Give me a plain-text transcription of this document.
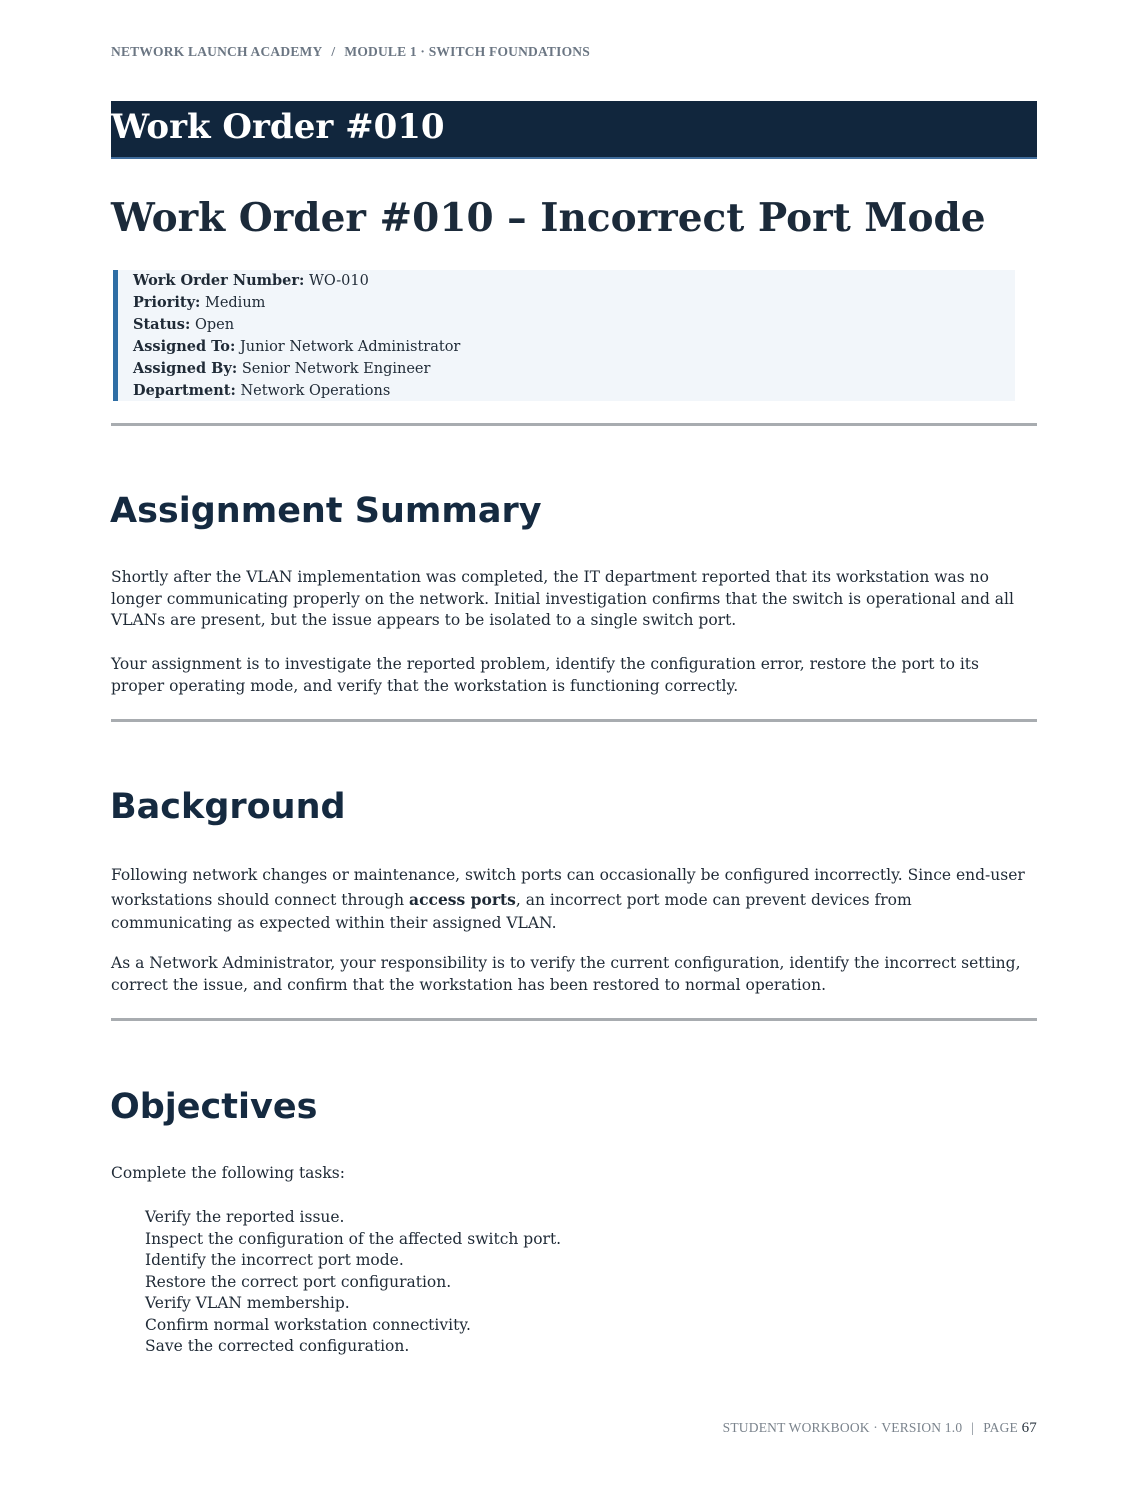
NETWORK LAUNCH ACADEMY / MODULE 1 · SWITCH FOUNDATIONS
Work Order #010
Work Order #010 – Incorrect Port Mode
Work Order Number: WO-010
Priority: Medium
Status: Open
Assigned To: Junior Network Administrator
Assigned By: Senior Network Engineer
Department: Network Operations
Assignment Summary

Shortly after the VLAN implementation was completed, the IT department reported that its workstation was no longer communicating properly on the network. Initial investigation confirms that the switch is operational and all VLANs are present, but the issue appears to be isolated to a single switch port.

Your assignment is to investigate the reported problem, identify the configuration error, restore the port to its proper operating mode, and verify that the workstation is functioning correctly.

Background

Following network changes or maintenance, switch ports can occasionally be configured incorrectly. Since end-user workstations should connect through access ports, an incorrect port mode can prevent devices from communicating as expected within their assigned VLAN.

As a Network Administrator, your responsibility is to verify the current configuration, identify the incorrect setting, correct the issue, and confirm that the workstation has been restored to normal operation.

Objectives

Complete the following tasks:

Verify the reported issue.
Inspect the configuration of the affected switch port.
Identify the incorrect port mode.
Restore the correct port configuration.
Verify VLAN membership.
Confirm normal workstation connectivity.
Save the corrected configuration.
STUDENT WORKBOOK · VERSION 1.0 | PAGE 67
